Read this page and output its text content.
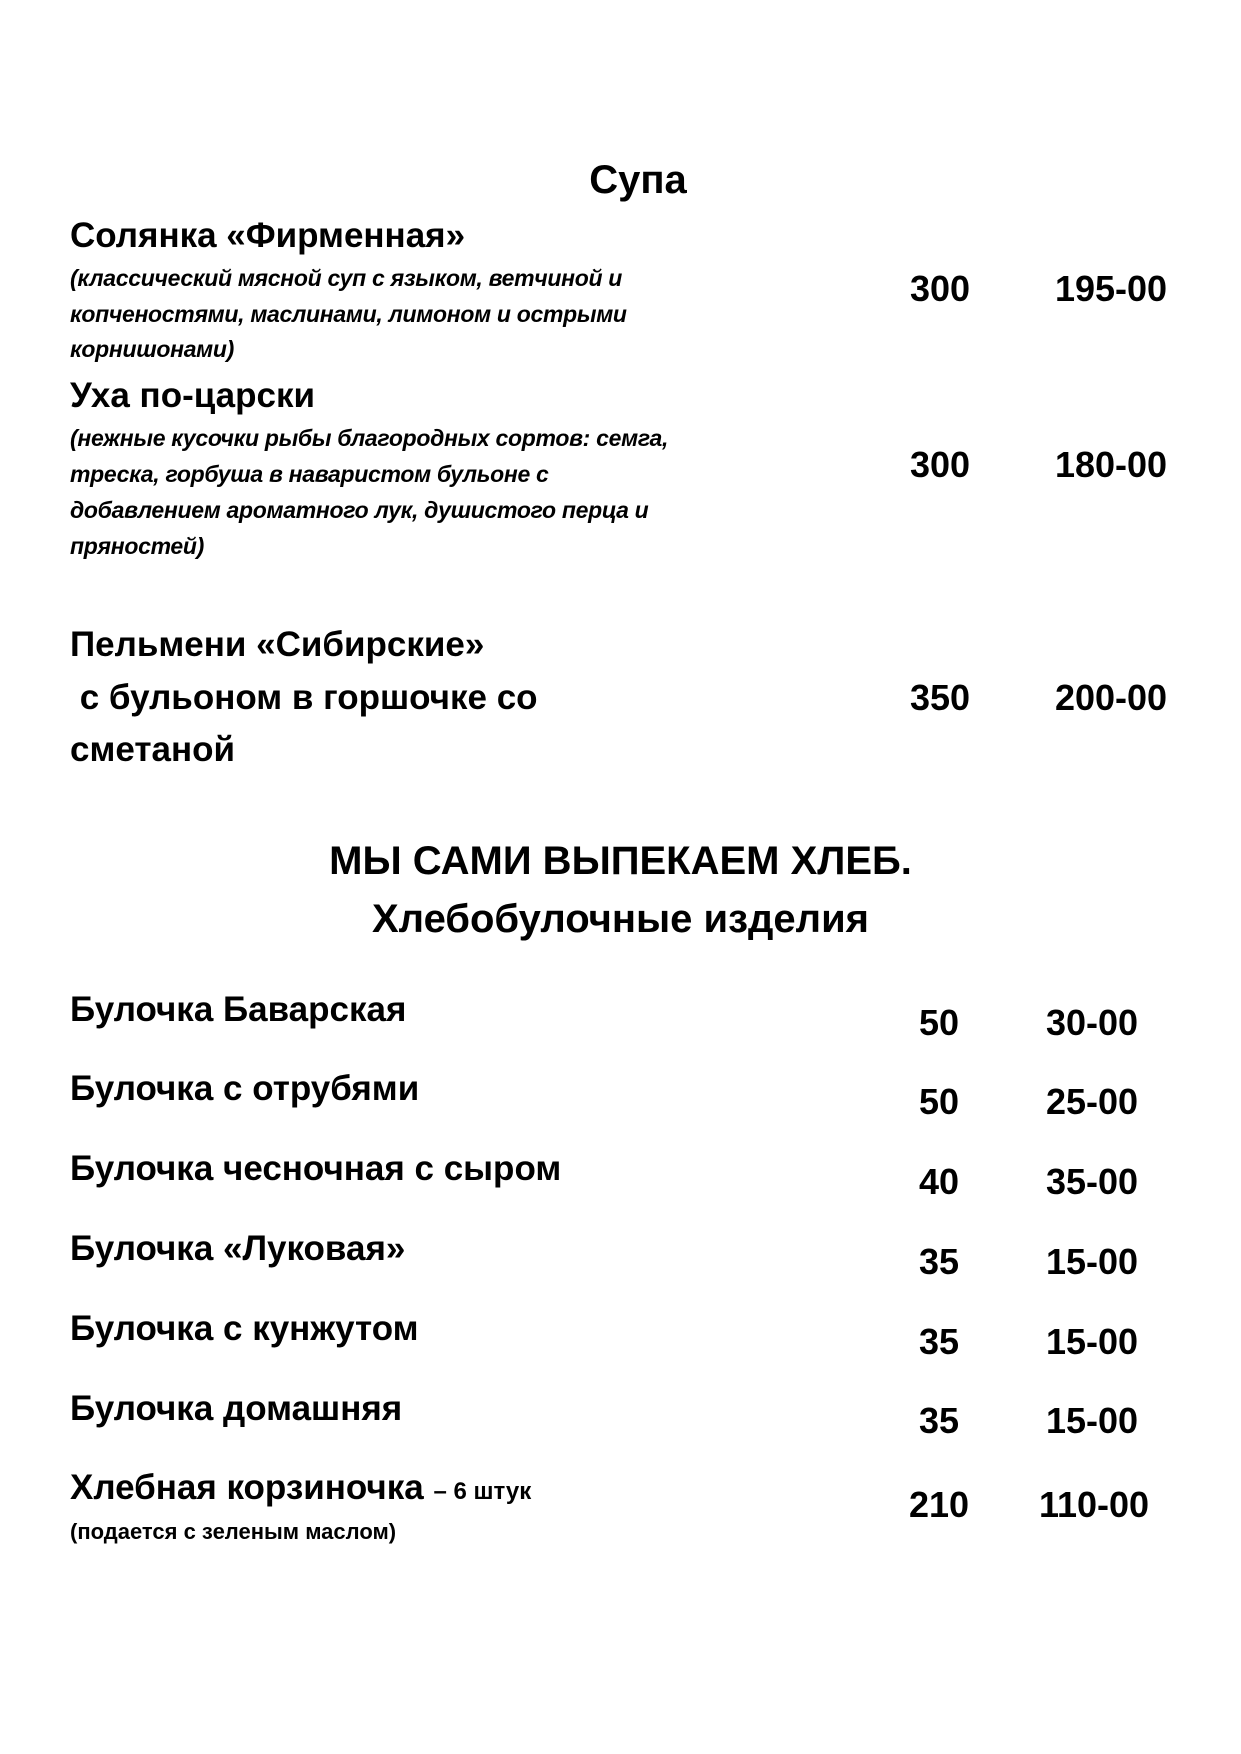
Супа
Солянка «Фирменная»
(классический мясной суп с языком, ветчиной и
копченостями, маслинами, лимоном и острыми
корнишонами)
300	195-00
Уха по-царски
(нежные кусочки рыбы благородных сортов: семга,
треска, горбуша в наваристом бульоне с
добавлением ароматного лук, душистого перца и
пряностей)
300	180-00
Пельмени «Сибирские»
с бульоном в горшочке со
сметаной
350	200-00
МЫ САМИ ВЫПЕКАЕМ ХЛЕБ.
Хлебобулочные изделия
Булочка Баварская	50	30-00
Булочка с отрубями	50	25-00
Булочка чесночная с сыром	40	35-00
Булочка «Луковая»	35	15-00
Булочка с кунжутом	35	15-00
Булочка домашняя	35	15-00
Хлебная корзиночка – 6 штук
(подается с зеленым маслом)
210	110-00
